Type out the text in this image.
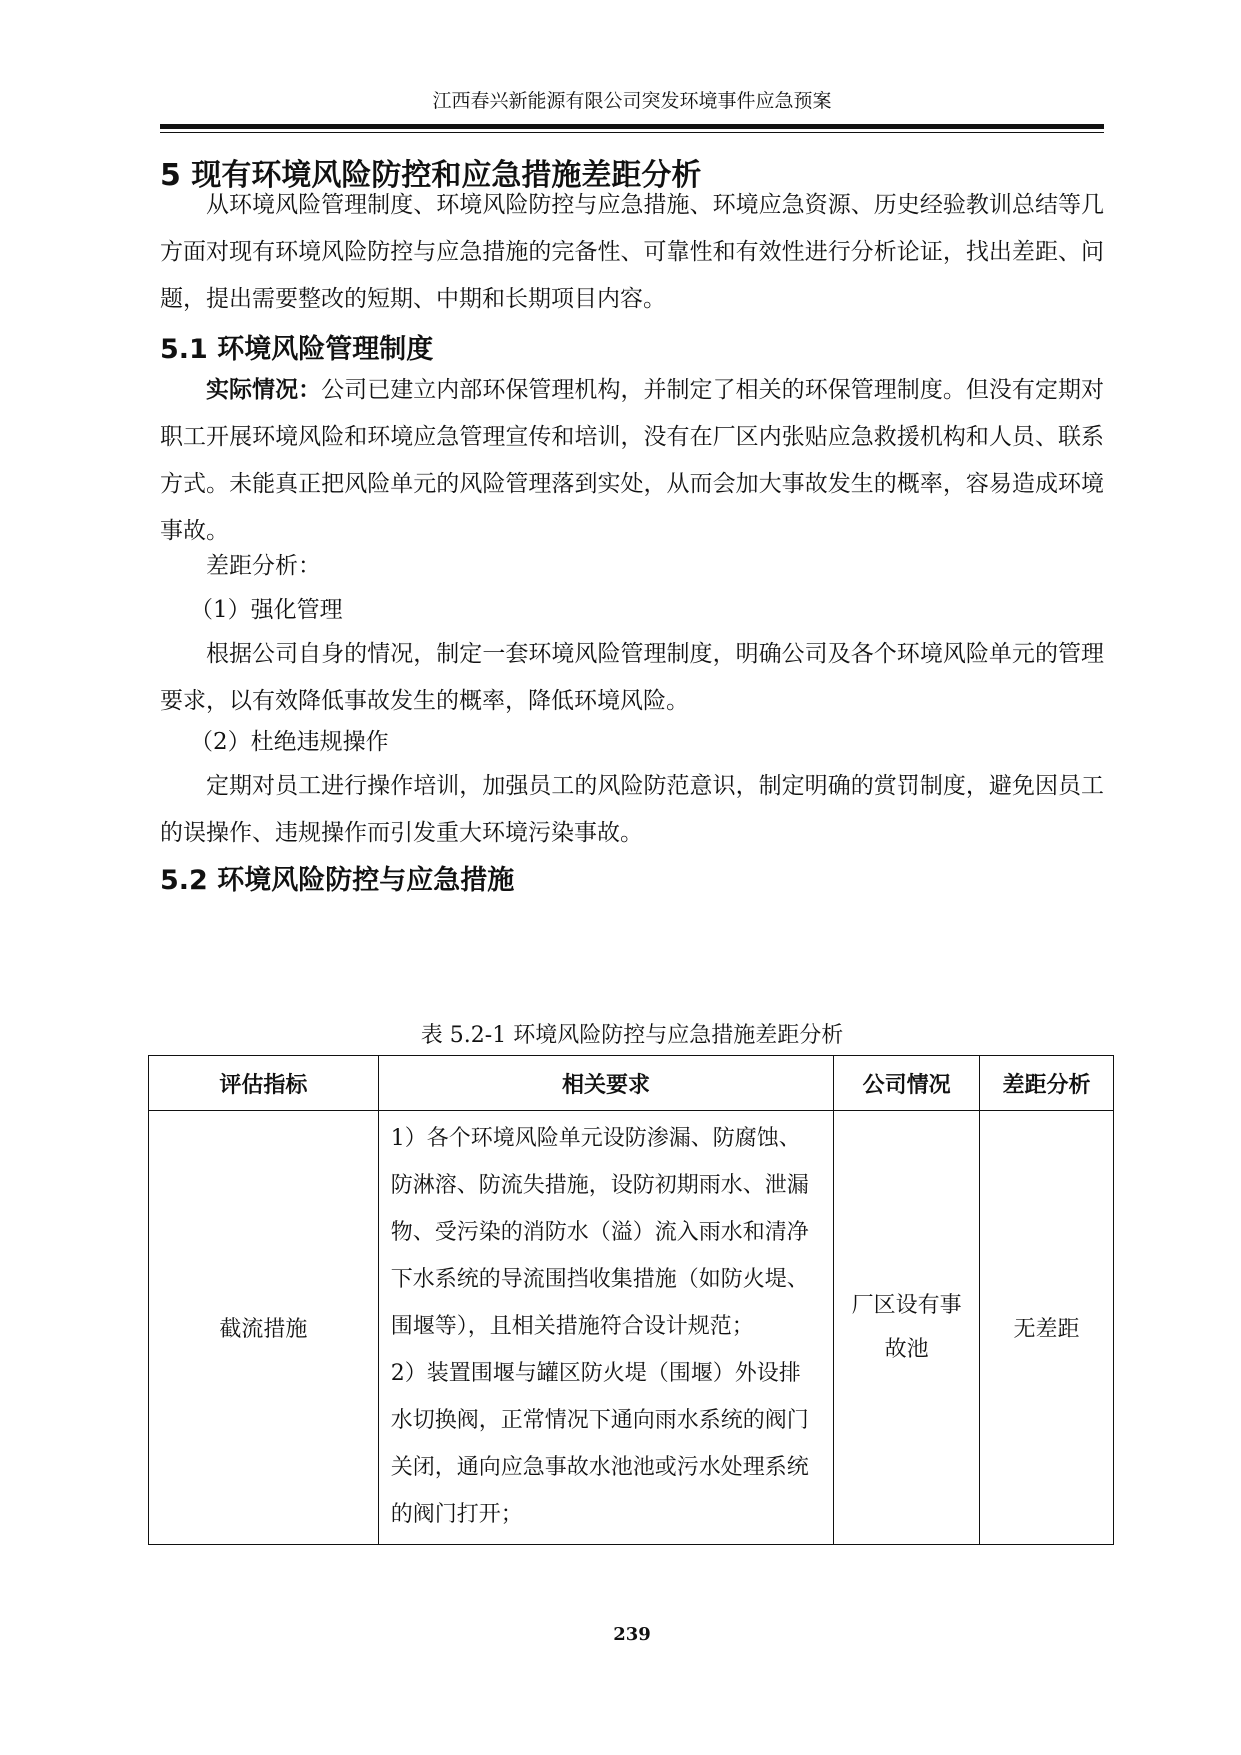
江西春兴新能源有限公司突发环境事件应急预案
5 现有环境风险防控和应急措施差距分析

从环境风险管理制度、环境风险防控与应急措施、环境应急资源、历史经验教训总结等几方面对现有环境风险防控与应急措施的完备性、可靠性和有效性进行分析论证，找出差距、问题，提出需要整改的短期、中期和长期项目内容。

5.1 环境风险管理制度

实际情况：公司已建立内部环保管理机构，并制定了相关的环保管理制度。但没有定期对职工开展环境风险和环境应急管理宣传和培训，没有在厂区内张贴应急救援机构和人员、联系方式。未能真正把风险单元的风险管理落到实处，从而会加大事故发生的概率，容易造成环境事故。

差距分析：

（1）强化管理

根据公司自身的情况，制定一套环境风险管理制度，明确公司及各个环境风险单元的管理要求，以有效降低事故发生的概率，降低环境风险。

（2）杜绝违规操作

定期对员工进行操作培训，加强员工的风险防范意识，制定明确的赏罚制度，避免因员工的误操作、违规操作而引发重大环境污染事故。

5.2 环境风险防控与应急措施
表 5.2-1 环境风险防控与应急措施差距分析
评估指标	相关要求	公司情况	差距分析
截流措施	1）各个环境风险单元设防渗漏、防腐蚀、防淋溶、防流失措施，设防初期雨水、泄漏物、受污染的消防水（溢）流入雨水和清净下水系统的导流围挡收集措施（如防火堤、围堰等），且相关措施符合设计规范；

2）装置围堰与罐区防火堤（围堰）外设排水切换阀，正常情况下通向雨水系统的阀门关闭，通向应急事故水池池或污水处理系统的阀门打开；	厂区设有事故池	无差距
239
